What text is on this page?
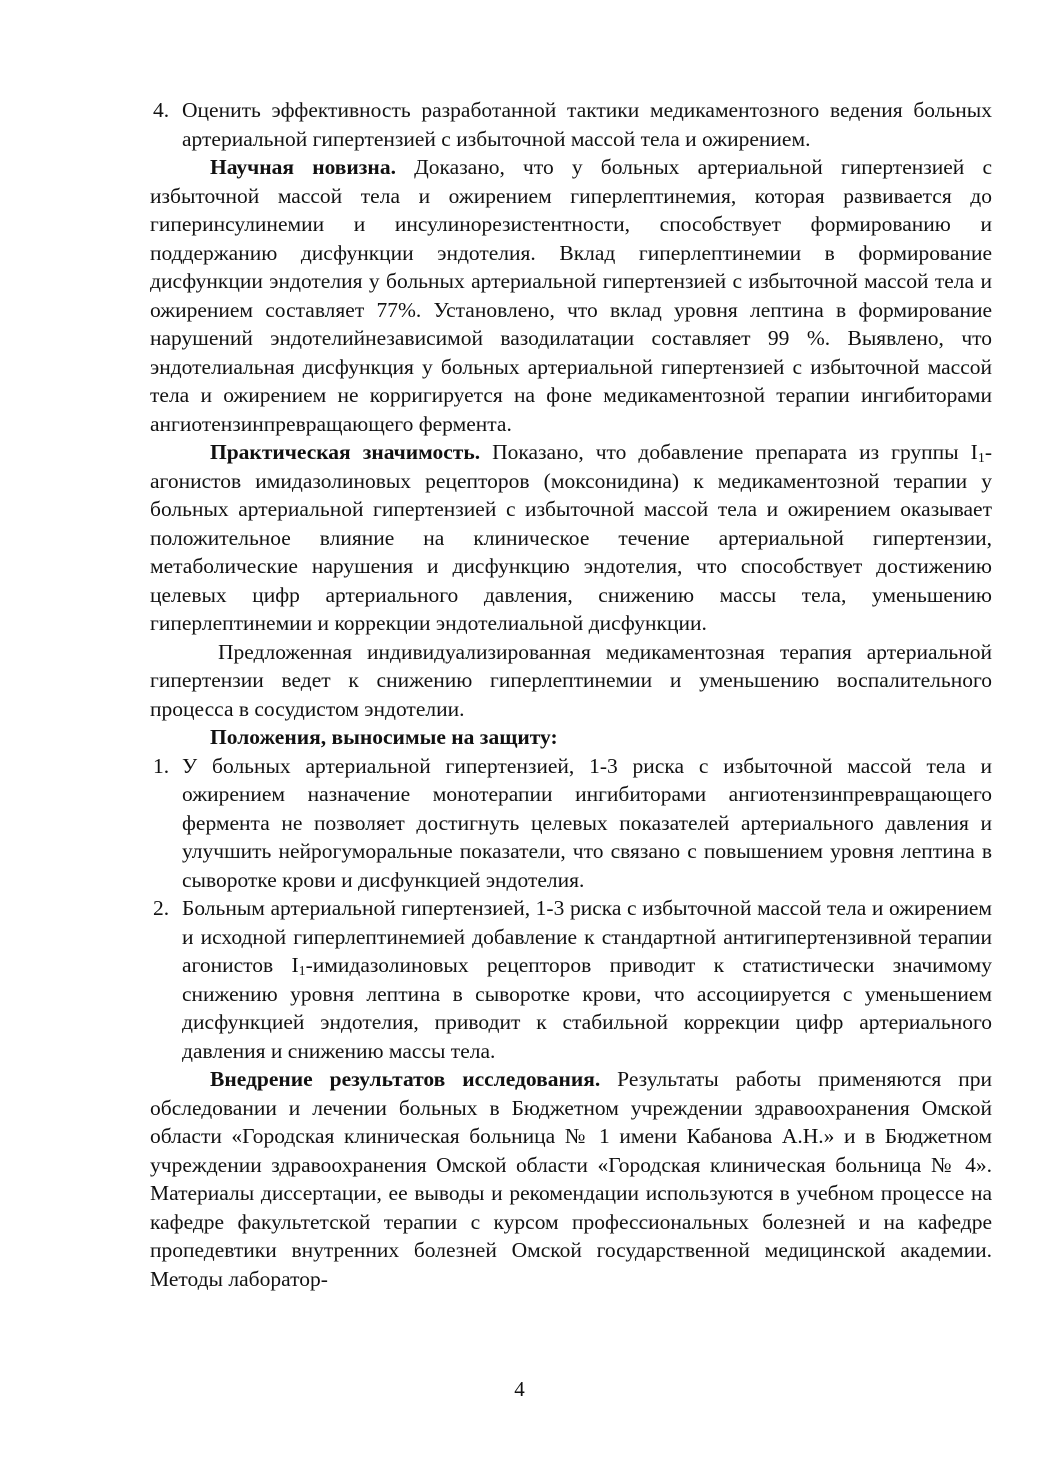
4. Оценить эффективность разработанной тактики медикаментозного ведения больных артериальной гипертензией с избыточной массой тела и ожирением.
Научная новизна. Доказано, что у больных артериальной гипертензией с избыточной массой тела и ожирением гиперлептинемия, которая развивается до гиперинсулинемии и инсулинорезистентности, способствует формированию и поддержанию дисфункции эндотелия. Вклад гиперлептинемии в формирование дисфункции эндотелия у больных артериальной гипертензией с избыточной массой тела и ожирением составляет 77%. Установлено, что вклад уровня лептина в формирование нарушений эндотелийнезависимой вазодилатации составляет 99 %. Выявлено, что эндотелиальная дисфункция у больных артериальной гипертензией с избыточной массой тела и ожирением не корригируется на фоне медикаментозной терапии ингибиторами ангиотензинпревращающего фермента.
Практическая значимость. Показано, что добавление препарата из группы $I_1$-агонистов имидазолиновых рецепторов (моксонидина) к медикаментозной терапии у больных артериальной гипертензией с избыточной массой тела и ожирением оказывает положительное влияние на клиническое течение артериальной гипертензии, метаболические нарушения и дисфункцию эндотелия, что способствует достижению целевых цифр артериального давления, снижению массы тела, уменьшению гиперлептинемии и коррекции эндотелиальной дисфункции.
Предложенная индивидуализированная медикаментозная терапия артериальной гипертензии ведет к снижению гиперлептинемии и уменьшению воспалительного процесса в сосудистом эндотелии.
Положения, выносимые на защиту:
1. У больных артериальной гипертензией, 1-3 риска с избыточной массой тела и ожирением назначение монотерапии ингибиторами ангиотензинпревращающего фермента не позволяет достигнуть целевых показателей артериального давления и улучшить нейрогуморальные показатели, что связано с повышением уровня лептина в сыворотке крови и дисфункцией эндотелия.
2. Больным артериальной гипертензией, 1-3 риска с избыточной массой тела и ожирением и исходной гиперлептинемией добавление к стандартной антигипертензивной терапии агонистов $I_1$-имидазолиновых рецепторов приводит к статистически значимому снижению уровня лептина в сыворотке крови, что ассоциируется с уменьшением дисфункцией эндотелия, приводит к стабильной коррекции цифр артериального давления и снижению массы тела.
Внедрение результатов исследования. Результаты работы применяются при обследовании и лечении больных в Бюджетном учреждении здравоохранения Омской области «Городская клиническая больница № 1 имени Кабанова А.Н.» и в Бюджетном учреждении здравоохранения Омской области «Городская клиническая больница № 4». Материалы диссертации, ее выводы и рекомендации используются в учебном процессе на кафедре факультетской терапии с курсом профессиональных болезней и на кафедре пропедевтики внутренних болезней Омской государственной медицинской академии. Методы лаборатор-
4
